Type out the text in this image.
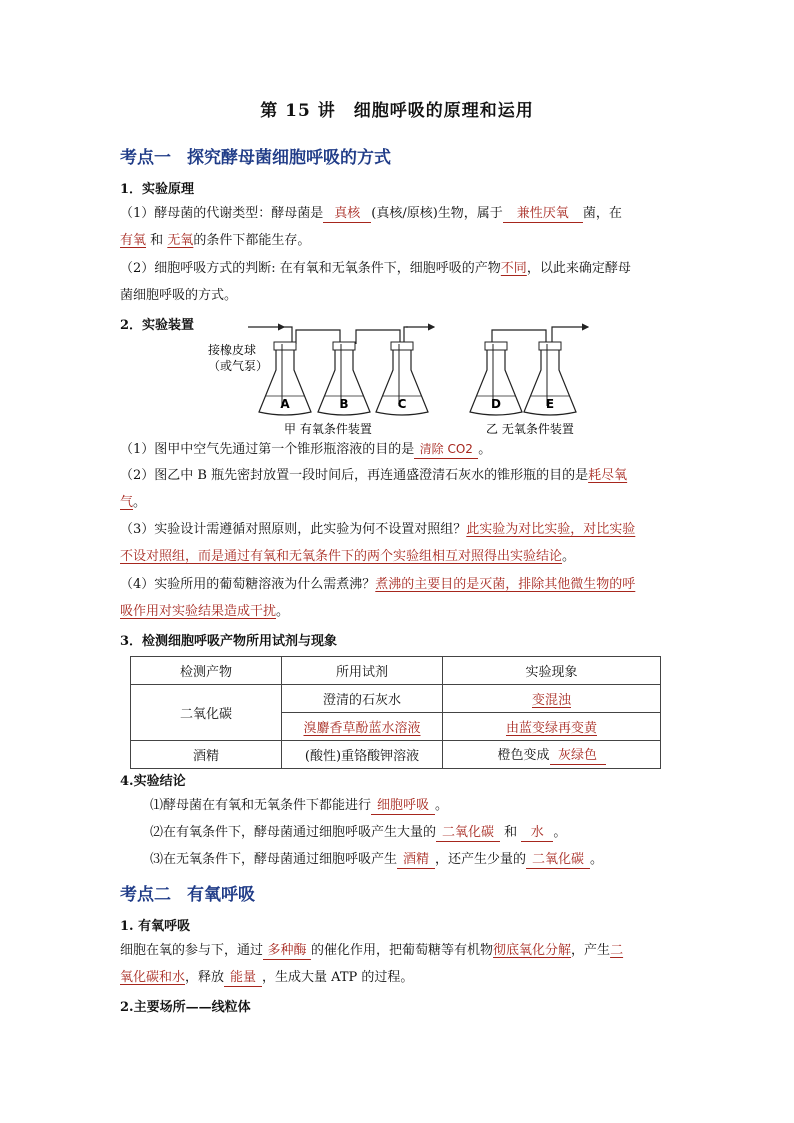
第 15 讲 细胞呼吸的原理和运用
考点一 探究酵母菌细胞呼吸的方式
1．实验原理
（1）酵母菌的代谢类型：酵母菌是 真核 (真核/原核)生物，属于 兼性厌氧 菌，在
有氧 和 无氧的条件下都能生存。
（2）细胞呼吸方式的判断: 在有氧和无氧条件下，细胞呼吸的产物不同，以此来确定酵母
菌细胞呼吸的方式。
2．实验装置
A	B	C	D	E
接橡皮球
（或气泵）
甲 有氧条件装置	乙 无氧条件装置
（1）图甲中空气先通过第一个锥形瓶溶液的目的是 清除 CO2 。
（2）图乙中 B 瓶先密封放置一段时间后，再连通盛澄清石灰水的锥形瓶的目的是耗尽氧
气。
（3）实验设计需遵循对照原则，此实验为何不设置对照组？此实验为对比实验，对比实验
不设对照组，而是通过有氧和无氧条件下的两个实验组相互对照得出实验结论。
（4）实验所用的葡萄糖溶液为什么需煮沸？煮沸的主要目的是灭菌，排除其他微生物的呼
吸作用对实验结果造成干扰。
3．检测细胞呼吸产物所用试剂与现象
检测产物	所用试剂	实验现象
二氧化碳	澄清的石灰水	变混浊
	溴麝香草酚蓝水溶液	由蓝变绿再变黄
酒精	(酸性)重铬酸钾溶液	橙色变成 灰绿色
4.实验结论
⑴酵母菌在有氧和无氧条件下都能进行 细胞呼吸 。
⑵在有氧条件下，酵母菌通过细胞呼吸产生大量的 二氧化碳 和 水 。
⑶在无氧条件下，酵母菌通过细胞呼吸产生 酒精 ，还产生少量的 二氧化碳 。
考点二 有氧呼吸
1. 有氧呼吸
细胞在氧的参与下，通过 多种酶 的催化作用，把葡萄糖等有机物彻底氧化分解，产生二
氧化碳和水，释放 能量 ，生成大量 ATP 的过程。
2.主要场所——线粒体
